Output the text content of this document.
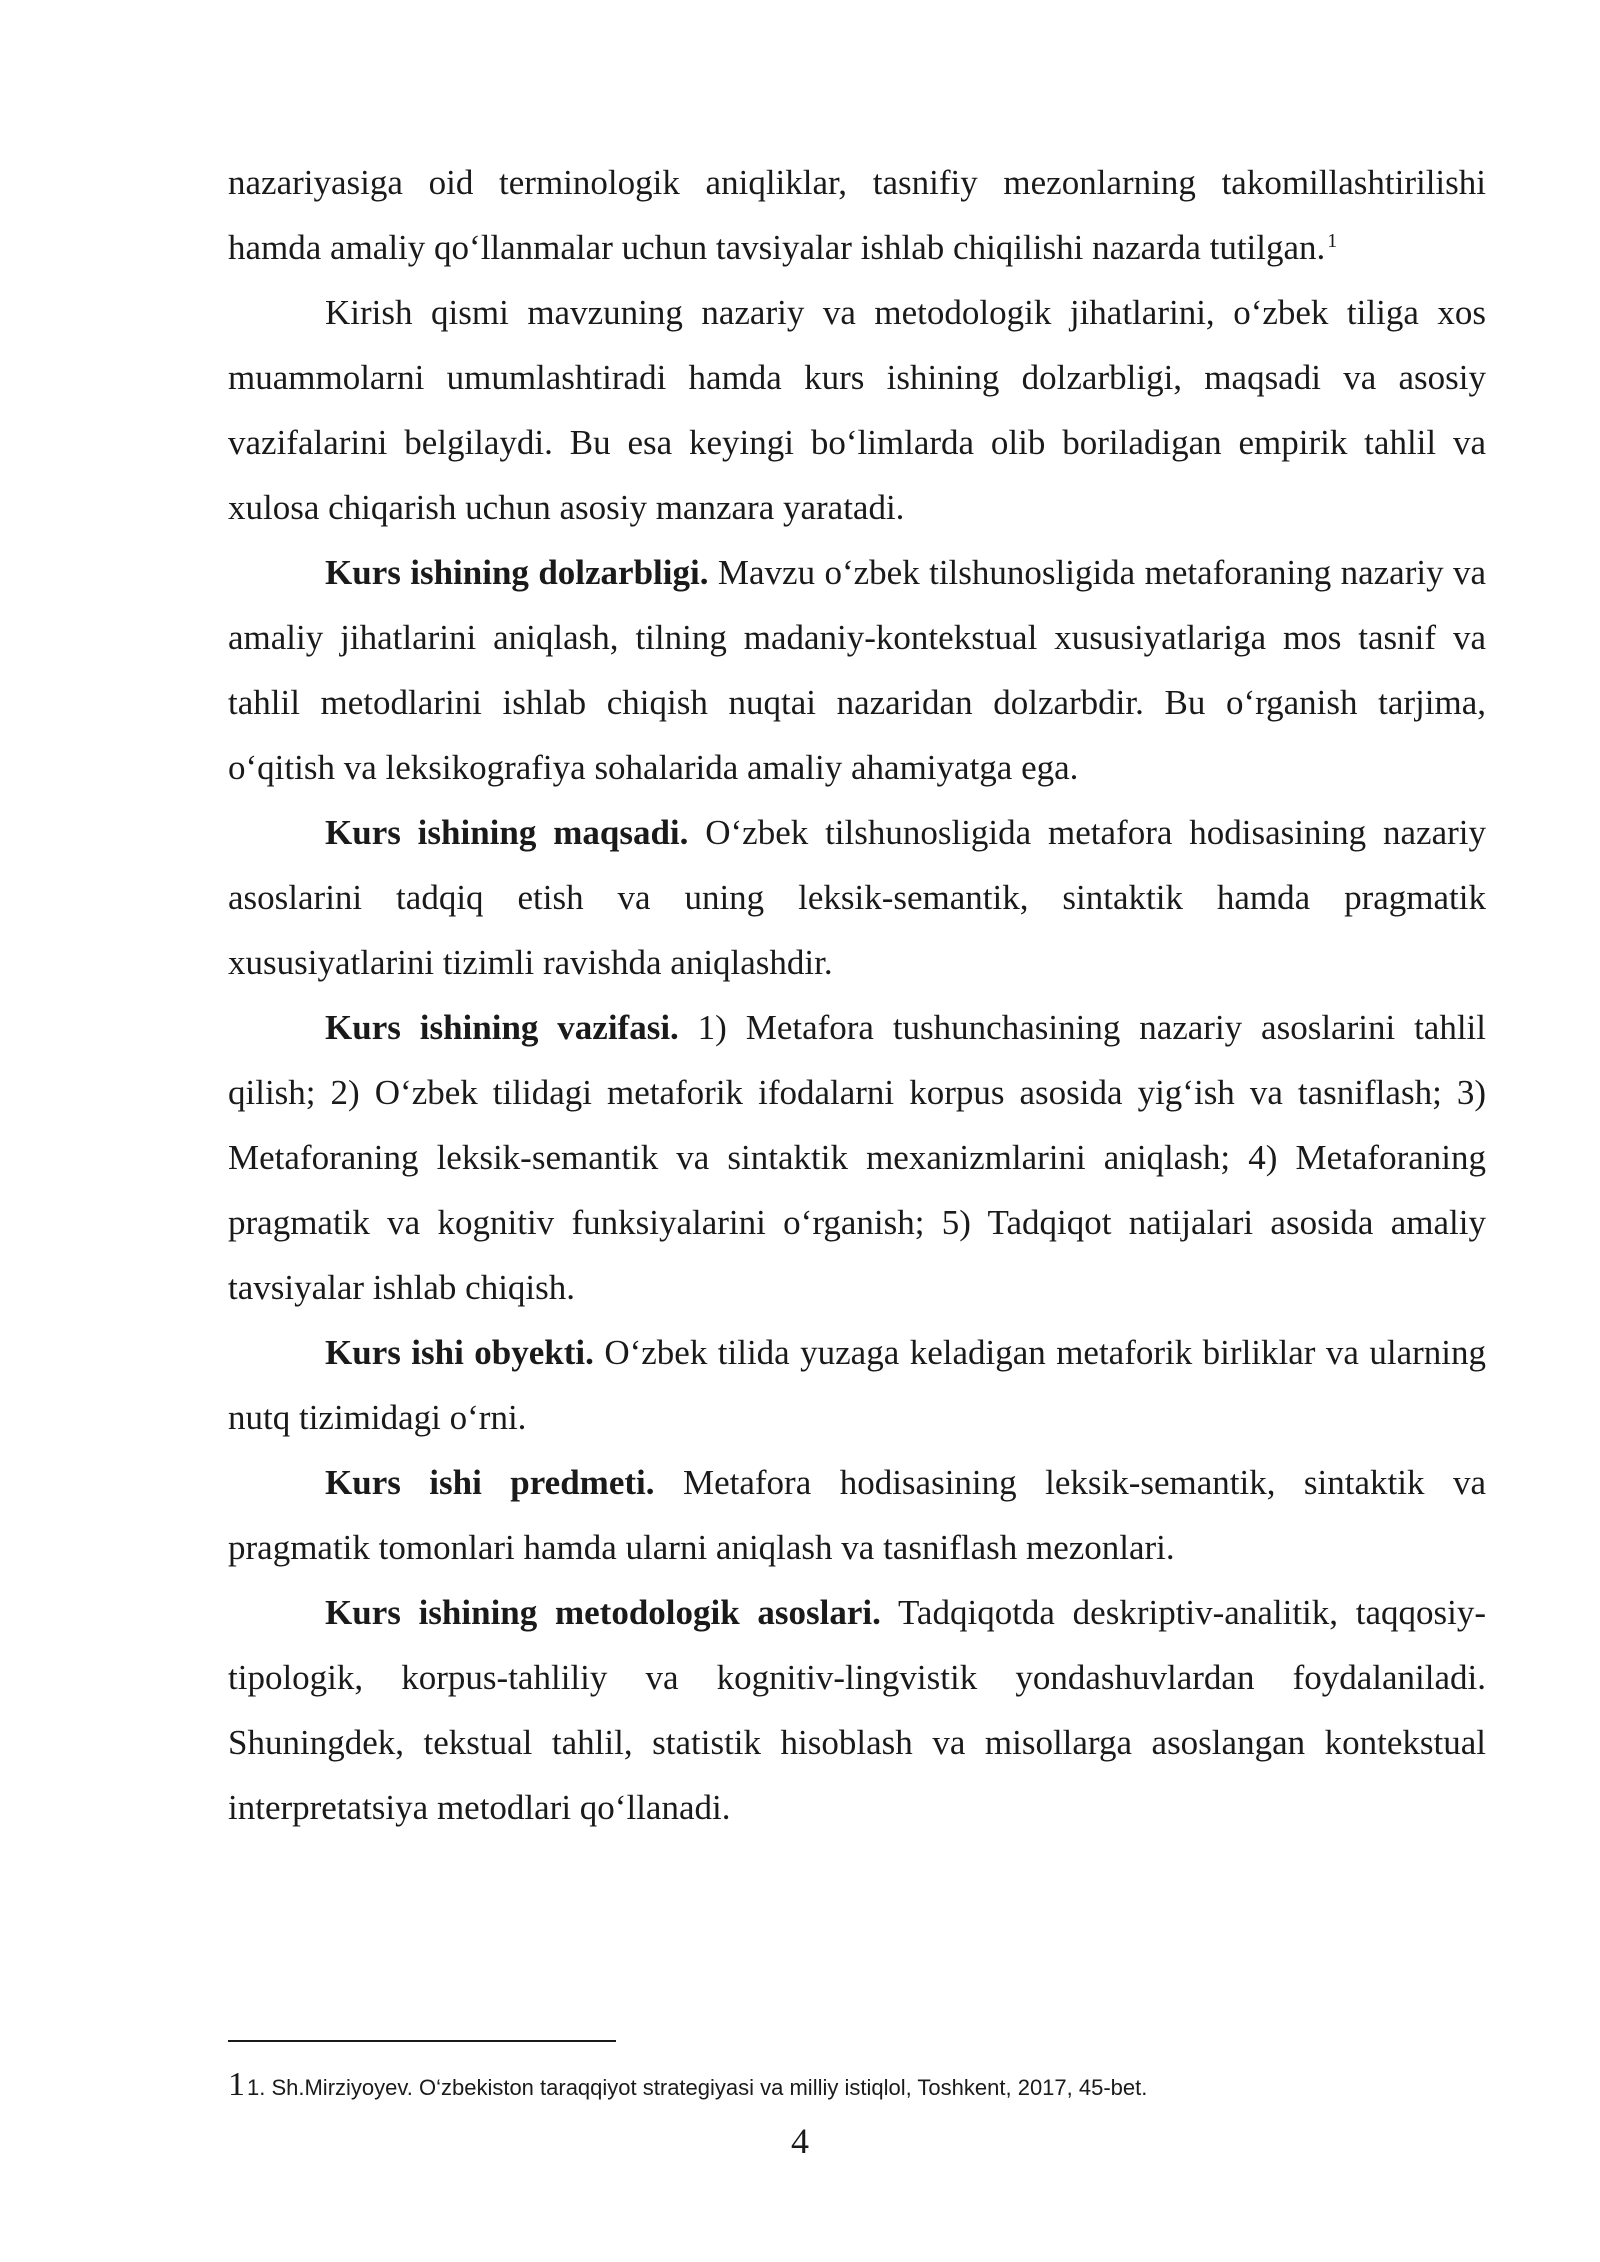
nazariyasiga oid terminologik aniqliklar, tasnifiy mezonlarning takomillashtirilishi hamda amaliy qo‘llanmalar uchun tavsiyalar ishlab chiqilishi nazarda tutilgan. $^1$

Kirish qismi mavzuning nazariy va metodologik jihatlarini, o‘zbek tiliga xos muammolarni umumlashtiradi hamda kurs ishining dolzarbligi, maqsadi va asosiy vazifalarini belgilaydi. Bu esa keyingi bo‘limlarda olib boriladigan empirik tahlil va xulosa chiqarish uchun asosiy manzara yaratadi.

Kurs ishining dolzarbligi. Mavzu o‘zbek tilshunosligida metaforaning nazariy va amaliy jihatlarini aniqlash, tilning madaniy-kontekstual xususiyatlariga mos tasnif va tahlil metodlarini ishlab chiqish nuqtai nazaridan dolzarbdir. Bu o‘rganish tarjima, o‘qitish va leksikografiya sohalarida amaliy ahamiyatga ega.

Kurs ishining maqsadi. O‘zbek tilshunosligida metafora hodisasining nazariy asoslarini tadqiq etish va uning leksik-semantik, sintaktik hamda pragmatik xususiyatlarini tizimli ravishda aniqlashdir.

Kurs ishining vazifasi. 1) Metafora tushunchasining nazariy asoslarini tahlil qilish; 2) O‘zbek tilidagi metaforik ifodalarni korpus asosida yig‘ish va tasniflash; 3) Metaforaning leksik-semantik va sintaktik mexanizmlarini aniqlash; 4) Metaforaning pragmatik va kognitiv funksiyalarini o‘rganish; 5) Tadqiqot natijalari asosida amaliy tavsiyalar ishlab chiqish.

Kurs ishi obyekti. O‘zbek tilida yuzaga keladigan metaforik birliklar va ularning nutq tizimidagi o‘rni.

Kurs ishi predmeti. Metafora hodisasining leksik-semantik, sintaktik va pragmatik tomonlari hamda ularni aniqlash va tasniflash mezonlari.

Kurs ishining metodologik asoslari. Tadqiqotda deskriptiv-analitik, taqqosiy-tipologik, korpus-tahliliy va kognitiv-lingvistik yondashuvlardan foydalaniladi. Shuningdek, tekstual tahlil, statistik hisoblash va misollarga asoslangan kontekstual interpretatsiya metodlari qo‘llanadi.

11. Sh.Mirziyoyev. O‘zbekiston taraqqiyot strategiyasi va milliy istiqlol, Toshkent, 2017, 45-bet.
4
